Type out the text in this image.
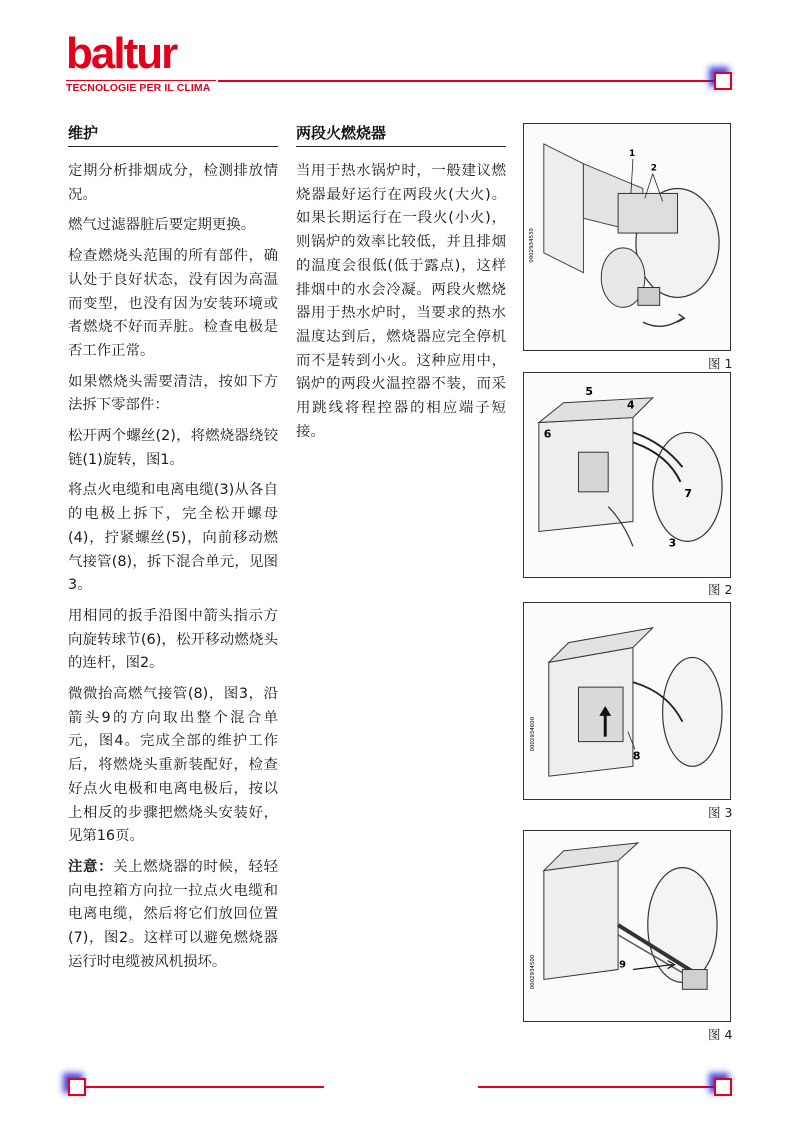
baltur
TECNOLOGIE PER IL CLIMA
维护	两段火燃烧器

定期分析排烟成分，检测排放情况。

燃气过滤器脏后要定期更换。

检查燃烧头范围的所有部件，确认处于良好状态，没有因为高温而变型，也没有因为安装环境或者燃烧不好而弄脏。检查电极是否工作正常。

如果燃烧头需要清洁，按如下方法拆下零部件：

松开两个螺丝(2)，将燃烧器绕铰链(1)旋转，图1。

将点火电缆和电离电缆(3)从各自的电极上拆下，完全松开螺母(4)，拧紧螺丝(5)，向前移动燃气接管(8)，拆下混合单元，见图3。

用相同的扳手沿图中箭头指示方向旋转球节(6)，松开移动燃烧头的连杆，图2。

微微抬高燃气接管(8)，图3，沿箭头9的方向取出整个混合单元，图4。完成全部的维护工作后，将燃烧头重新装配好，检查好点火电极和电离电极后，按以上相反的步骤把燃烧头安装好，见第16页。

注意：关上燃烧器的时候，轻轻向电控箱方向拉一拉点火电缆和电离电缆，然后将它们放回位置(7)，图2。这样可以避免燃烧器运行时电缆被风机损坏。

当用于热水锅炉时，一般建议燃烧器最好运行在两段火(大火)。如果长期运行在一段火(小火)，则锅炉的效率比较低，并且排烟的温度会很低(低于露点)，这样排烟中的水会冷凝。两段火燃烧器用于热水炉时，当要求的热水温度达到后，燃烧器应完全停机而不是转到小火。这种应用中，锅炉的两段火温控器不装，而采用跳线将程控器的相应端子短接。

1
2
0002934530
图 1
5
4
6
7
3
图 2
8
0002934600
图 3
9
0002934500
图 4
